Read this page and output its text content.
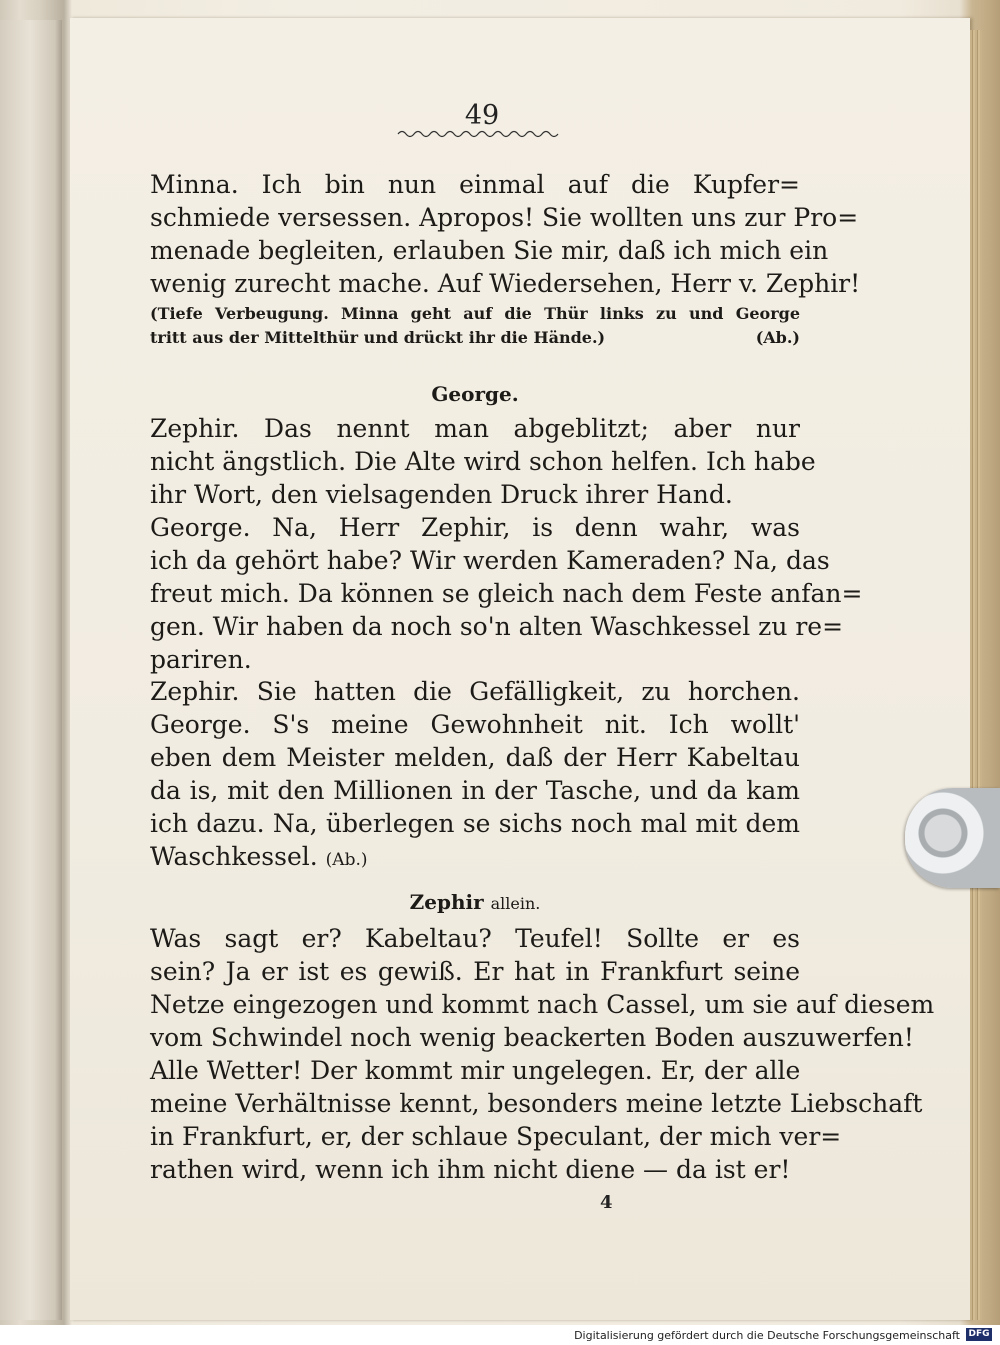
49
Minna. Ich bin nun einmal auf die Kupfer=
schmiede versessen. Apropos! Sie wollten uns zur Pro=
menade begleiten, erlauben Sie mir, daß ich mich ein
wenig zurecht mache. Auf Wiedersehen, Herr v. Zephir!
(Tiefe Verbeugung. Minna geht auf die Thür links zu und George
tritt aus der Mittelthür und drückt ihr die Hände.)	(Ab.)
George.
Zephir. Das nennt man abgeblitzt; aber nur
nicht ängstlich. Die Alte wird schon helfen. Ich habe
ihr Wort, den vielsagenden Druck ihrer Hand.
George. Na, Herr Zephir, is denn wahr, was
ich da gehört habe? Wir werden Kameraden? Na, das
freut mich. Da können se gleich nach dem Feste anfan=
gen. Wir haben da noch so'n alten Waschkessel zu re=
pariren.
Zephir. Sie hatten die Gefälligkeit, zu horchen.
George. S's meine Gewohnheit nit. Ich wollt'
eben dem Meister melden, daß der Herr Kabeltau
da is, mit den Millionen in der Tasche, und da kam
ich dazu. Na, überlegen se sichs noch mal mit dem
Waschkessel. (Ab.)
Zephir allein.
Was sagt er? Kabeltau? Teufel! Sollte er es
sein? Ja er ist es gewiß. Er hat in Frankfurt seine
Netze eingezogen und kommt nach Cassel, um sie auf diesem
vom Schwindel noch wenig beackerten Boden auszuwerfen!
Alle Wetter! Der kommt mir ungelegen. Er, der alle
meine Verhältnisse kennt, besonders meine letzte Liebschaft
in Frankfurt, er, der schlaue Speculant, der mich ver=
rathen wird, wenn ich ihm nicht diene — da ist er!
4
Digitalisierung gefördert durch die Deutsche Forschungsgemeinschaft DFG
